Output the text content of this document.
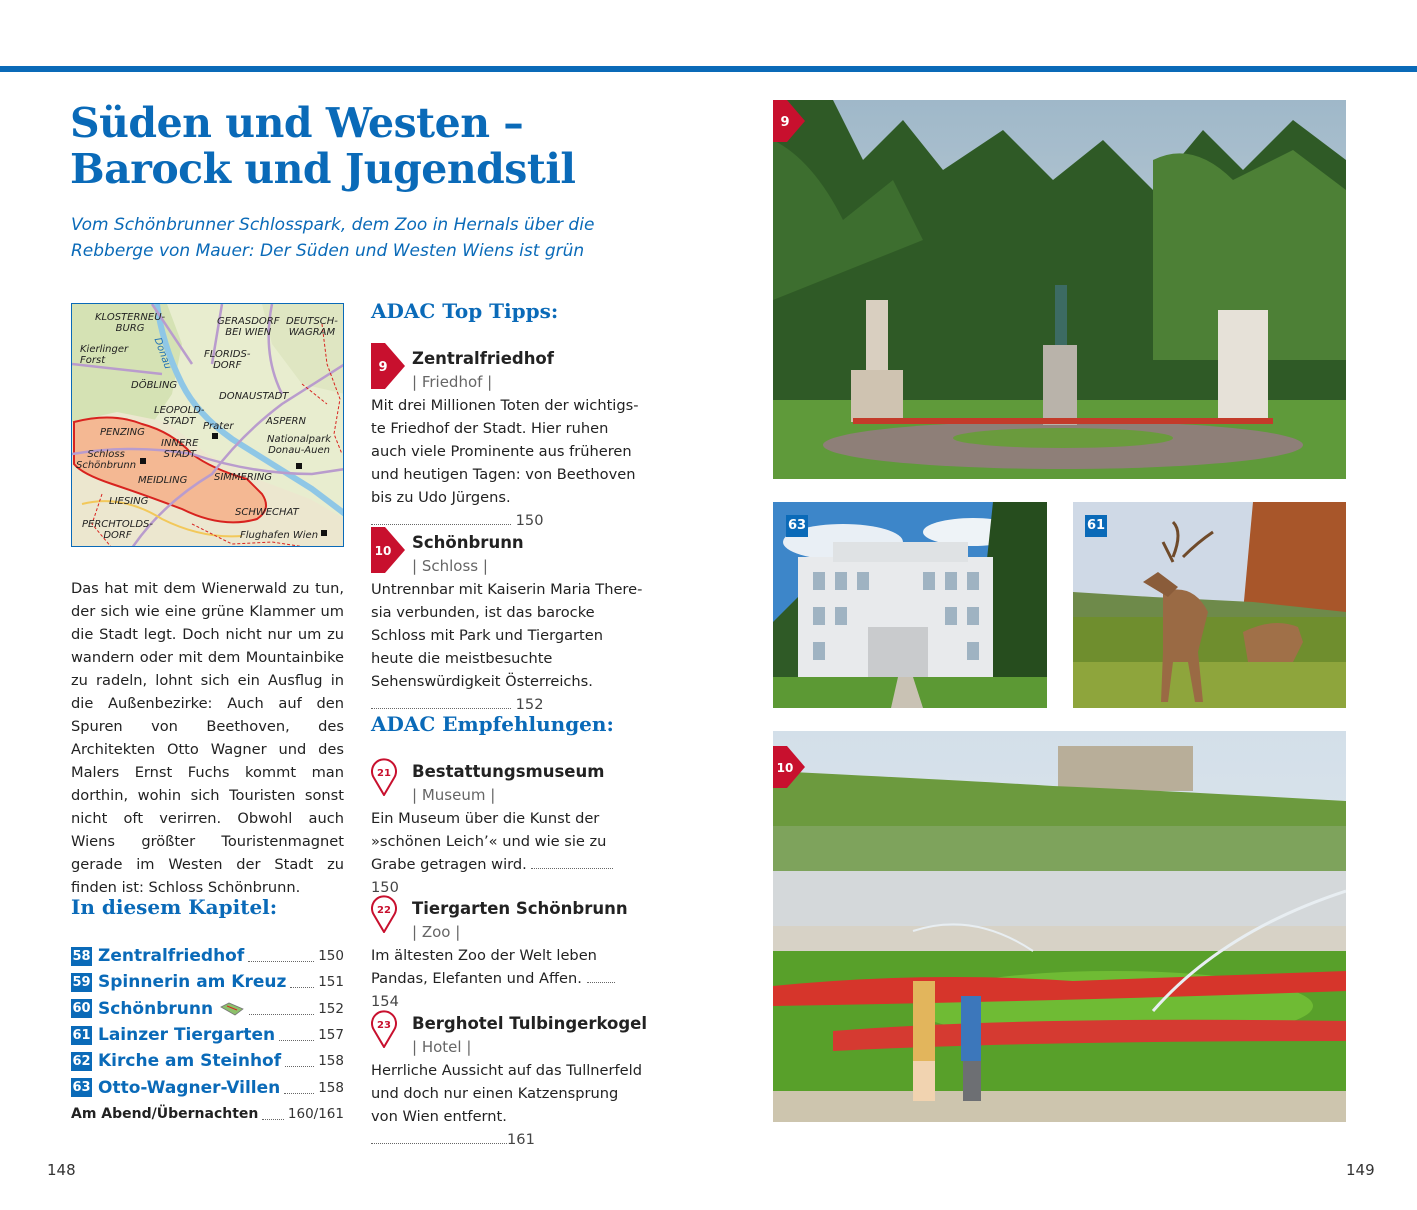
Süden und Westen –
Barock und Jugendstil
Vom Schönbrunner Schlosspark, dem Zoo in Hernals über die
Rebberge von Mauer: Der Süden und Westen Wiens ist grün
KLOSTERNEU-
BURG
GERASDORF
BEI WIEN
DEUTSCH-
WAGRAM
Kierlinger
Forst	Donau	FLORIDS-
DORF
DÖBLING
DONAUSTADT
LEOPOLD-
STADT	ASPERN
PENZING
Prater
Nationalpark
Donau-Auen
INNERE
STADT
Schloss
Schönbrunn
MEIDLING	SIMMERING
LIESING
SCHWECHAT
PERCHTOLDS-
DORF	Flughafen Wien
Das hat mit dem Wienerwald zu tun, der sich wie eine grüne Klammer um die Stadt legt. Doch nicht nur um zu wandern oder mit dem Mountainbike zu radeln, lohnt sich ein Ausflug in die Außenbezirke: Auch auf den Spuren von Beethoven, des Architekten Otto Wagner und des Malers Ernst Fuchs kommt man dorthin, wohin sich Touristen sonst nicht oft verirren. Obwohl auch Wiens größter Touristenmagnet gerade im Westen der Stadt zu finden ist: Schloss Schönbrunn.
In diesem Kapitel:
58 Zentralfriedhof	150
59 Spinnerin am Kreuz 151
60 Schönbrunn	152
61 Lainzer Tiergarten	157
62 Kirche am Steinhof	158
63 Otto-Wagner-Villen	158
Am Abend/Übernachten 160/161
ADAC Top Tipps:
9 Zentralfriedhof
| Friedhof |
Mit drei Millionen Toten der wichtigste Friedhof der Stadt. Hier ruhen auch viele Prominente aus früheren und heutigen Tagen: von Beethoven bis zu Udo Jürgens.  150
10 Schönbrunn
| Schloss |
Untrennbar mit Kaiserin Maria Theresia verbunden, ist das barocke Schloss mit Park und Tiergarten heute die meistbesuchte Sehenswürdigkeit Österreichs.  152
ADAC Empfehlungen:
21 Bestattungsmuseum
| Museum |
Ein Museum über die Kunst der »schönen Leich’« und wie sie zu Grabe getragen wird.  150
22 Tiergarten Schönbrunn
| Zoo |
Im ältesten Zoo der Welt leben Pandas, Elefanten und Affen.  154
23 Berghotel Tulbingerkogel
| Hotel |
Herrliche Aussicht auf das Tullnerfeld und doch nur einen Katzensprung von Wien entfernt. 161
9
63	61
10
148	149
